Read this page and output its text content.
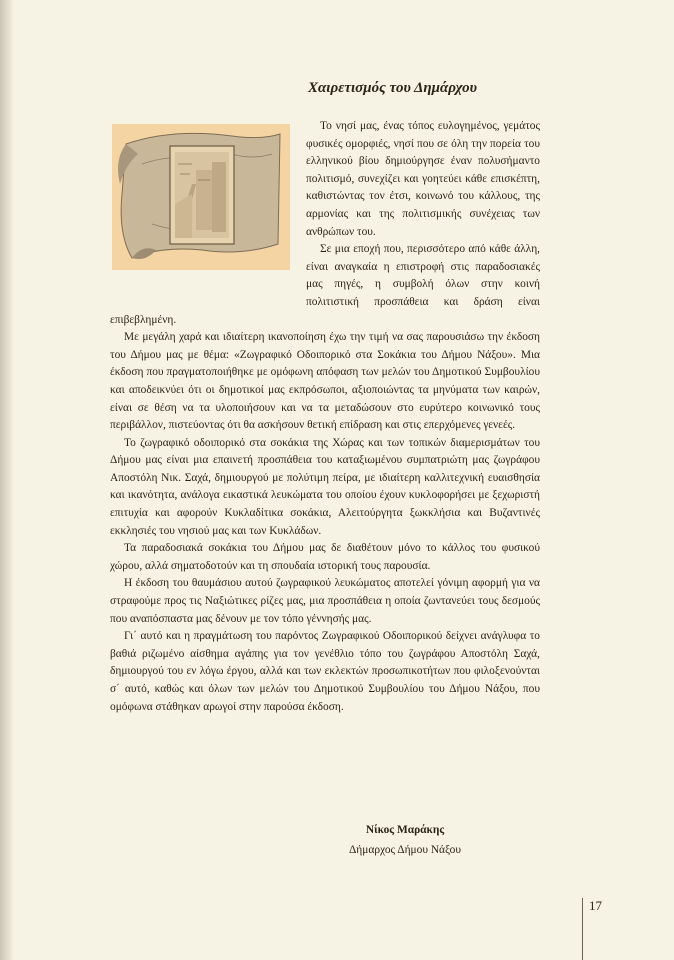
Χαιρετισμός του Δημάρχου

Το νησί μας, ένας τόπος ευλογημένος, γεμάτος φυσικές ομορφιές, νησί που σε όλη την πορεία του ελληνικού βίου δημιούργησε έναν πολυσήμαντο πολιτισμό, συνεχίζει και γοητεύει κάθε επισκέπτη, καθιστώντας τον έτσι, κοινωνό του κάλλους, της αρμονίας και της πολιτισμικής συνέχειας των ανθρώπων του.

Σε μια εποχή που, περισσότερο από κάθε άλλη, είναι αναγκαία η επιστροφή στις παραδοσιακές μας πηγές, η συμβολή όλων στην κοινή πολιτιστική προσπάθεια και δράση είναι επιβεβλημένη.

Με μεγάλη χαρά και ιδιαίτερη ικανοποίηση έχω την τιμή να σας παρουσιάσω την έκδοση του Δήμου μας με θέμα: «Ζωγραφικό Οδοιπορικό στα Σοκάκια του Δήμου Νάξου». Μια έκδοση που πραγματοποιήθηκε με ομόφωνη απόφαση των μελών του Δημοτικού Συμβουλίου και αποδεικνύει ότι οι δημοτικοί μας εκπρόσωποι, αξιοποιώντας τα μηνύματα των καιρών, είναι σε θέση να τα υλοποιήσουν και να τα μεταδώσουν στο ευρύτερο κοινωνικό τους περιβάλλον, πιστεύοντας ότι θα ασκήσουν θετική επίδραση και στις επερχόμενες γενεές.

Το ζωγραφικό οδοιπορικό στα σοκάκια της Χώρας και των τοπικών διαμερισμάτων του Δήμου μας είναι μια επαινετή προσπάθεια του καταξιωμένου συμπατριώτη μας ζωγράφου Αποστόλη Νικ. Σαχά, δημιουργού με πολύτιμη πείρα, με ιδιαίτερη καλλιτεχνική ευαισθησία και ικανότητα, ανάλογα εικαστικά λευκώματα του οποίου έχουν κυκλοφορήσει με ξεχωριστή επιτυχία και αφορούν Κυκλαδίτικα σοκάκια, Αλειτούργητα ξωκκλήσια και Βυζαντινές εκκλησιές του νησιού μας και των Κυκλάδων.

Τα παραδοσιακά σοκάκια του Δήμου μας δε διαθέτουν μόνο το κάλλος του φυσικού χώρου, αλλά σηματοδοτούν και τη σπουδαία ιστορική τους παρουσία.

Η έκδοση του θαυμάσιου αυτού ζωγραφικού λευκώματος αποτελεί γόνιμη αφορμή για να στραφούμε προς τις Ναξιώτικες ρίζες μας, μια προσπάθεια η οποία ζωντανεύει τους δεσμούς που αναπόσπαστα μας δένουν με τον τόπο γέννησής μας.

Γι΄ αυτό και η πραγμάτωση του παρόντος Ζωγραφικού Οδοιπορικού δείχνει ανάγλυφα το βαθιά ριζωμένο αίσθημα αγάπης για τον γενέθλιο τόπο του ζωγράφου Αποστόλη Σαχά, δημιουργού του εν λόγω έργου, αλλά και των εκλεκτών προσωπικοτήτων που φιλοξενούνται σ΄ αυτό, καθώς και όλων των μελών του Δημοτικού Συμβουλίου του Δήμου Νάξου, που ομόφωνα στάθηκαν αρωγοί στην παρούσα έκδοση.

Νίκος Μαράκης
Δήμαρχος Δήμου Νάξου
17
